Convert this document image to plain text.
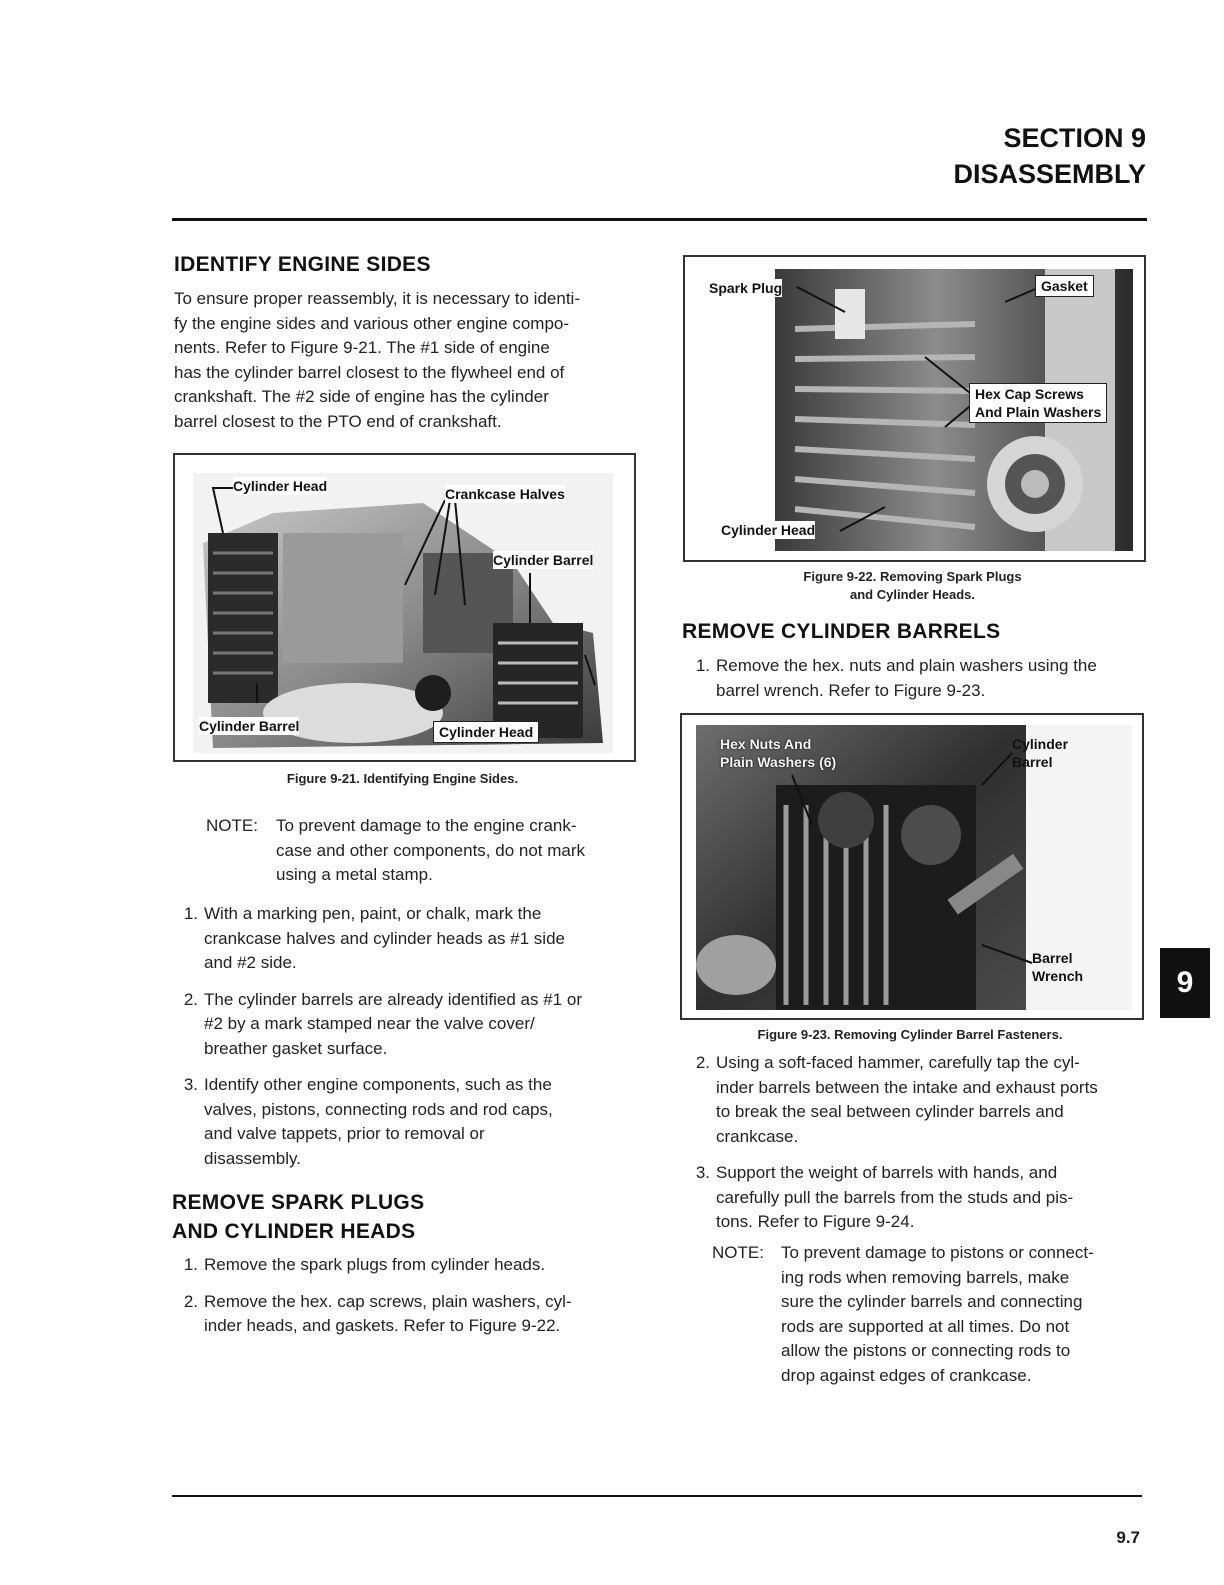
SECTION 9
DISASSEMBLY
IDENTIFY ENGINE SIDES
To ensure proper reassembly, it is necessary to identi-
fy the engine sides and various other engine compo-
nents. Refer to Figure 9-21. The #1 side of engine
has the cylinder barrel closest to the flywheel end of
crankshaft. The #2 side of engine has the cylinder
barrel closest to the PTO end of crankshaft.
Cylinder Head	Crankcase Halves
Cylinder Barrel
Cylinder Barrel	Cylinder Head
Figure 9-21. Identifying Engine Sides.
NOTE: To prevent damage to the engine crank-
case and other components, do not mark
using a metal stamp.
1. With a marking pen, paint, or chalk, mark the
crankcase halves and cylinder heads as #1 side
and #2 side.
2. The cylinder barrels are already identified as #1 or
#2 by a mark stamped near the valve cover/
breather gasket surface.
3. Identify other engine components, such as the
valves, pistons, connecting rods and rod caps,
and valve tappets, prior to removal or
disassembly.
REMOVE SPARK PLUGS
AND CYLINDER HEADS
1. Remove the spark plugs from cylinder heads.
2. Remove the hex. cap screws, plain washers, cyl-
inder heads, and gaskets. Refer to Figure 9-22.
Spark Plug	Gasket
Hex Cap Screws
And Plain Washers
Cylinder Head
Figure 9-22. Removing Spark Plugs
and Cylinder Heads.
REMOVE CYLINDER BARRELS
1. Remove the hex. nuts and plain washers using the
barrel wrench. Refer to Figure 9-23.
Hex Nuts And
Plain Washers (6)
Cylinder
Barrel
Barrel
Wrench
Figure 9-23. Removing Cylinder Barrel Fasteners.
2. Using a soft-faced hammer, carefully tap the cyl-
inder barrels between the intake and exhaust ports
to break the seal between cylinder barrels and
crankcase.
3. Support the weight of barrels with hands, and
carefully pull the barrels from the studs and pis-
tons. Refer to Figure 9-24.
NOTE: To prevent damage to pistons or connect-
ing rods when removing barrels, make
sure the cylinder barrels and connecting
rods are supported at all times. Do not
allow the pistons or connecting rods to
drop against edges of crankcase.
9
9.7
